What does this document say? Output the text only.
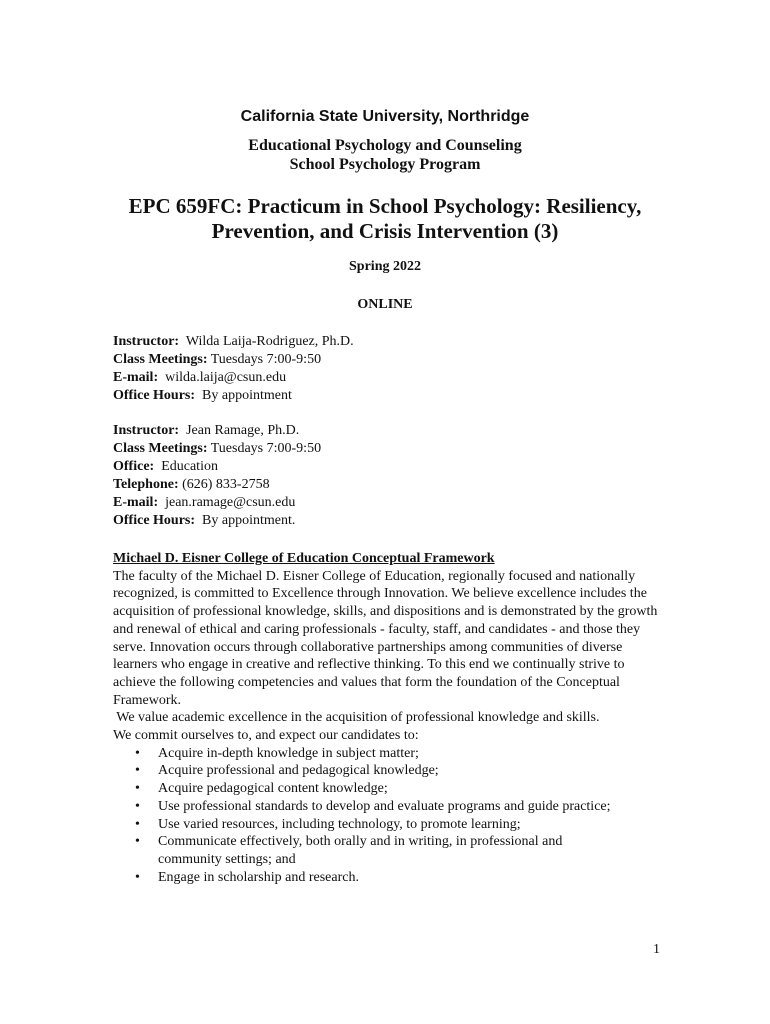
California State University, Northridge
Educational Psychology and Counseling
School Psychology Program
EPC 659FC: Practicum in School Psychology: Resiliency,
Prevention, and Crisis Intervention (3)
Spring 2022
ONLINE
Instructor: Wilda Laija-Rodriguez, Ph.D.
Class Meetings: Tuesdays 7:00-9:50
E-mail: wilda.laija@csun.edu
Office Hours: By appointment
Instructor: Jean Ramage, Ph.D.
Class Meetings: Tuesdays 7:00-9:50
Office: Education
Telephone: (626) 833-2758
E-mail: jean.ramage@csun.edu
Office Hours: By appointment.
Michael D. Eisner College of Education Conceptual Framework

The faculty of the Michael D. Eisner College of Education, regionally focused and nationally recognized, is committed to Excellence through Innovation. We believe excellence includes the acquisition of professional knowledge, skills, and dispositions and is demonstrated by the growth and renewal of ethical and caring professionals - faculty, staff, and candidates - and those they serve. Innovation occurs through collaborative partnerships among communities of diverse learners who engage in creative and reflective thinking. To this end we continually strive to achieve the following competencies and values that form the foundation of the Conceptual Framework.

We value academic excellence in the acquisition of professional knowledge and skills.

We commit ourselves to, and expect our candidates to:

• Acquire in-depth knowledge in subject matter;
• Acquire professional and pedagogical knowledge;
• Acquire pedagogical content knowledge;
• Use professional standards to develop and evaluate programs and guide practice;
• Use varied resources, including technology, to promote learning;
• Communicate effectively, both orally and in writing, in professional and community settings; and
• Engage in scholarship and research.
1
